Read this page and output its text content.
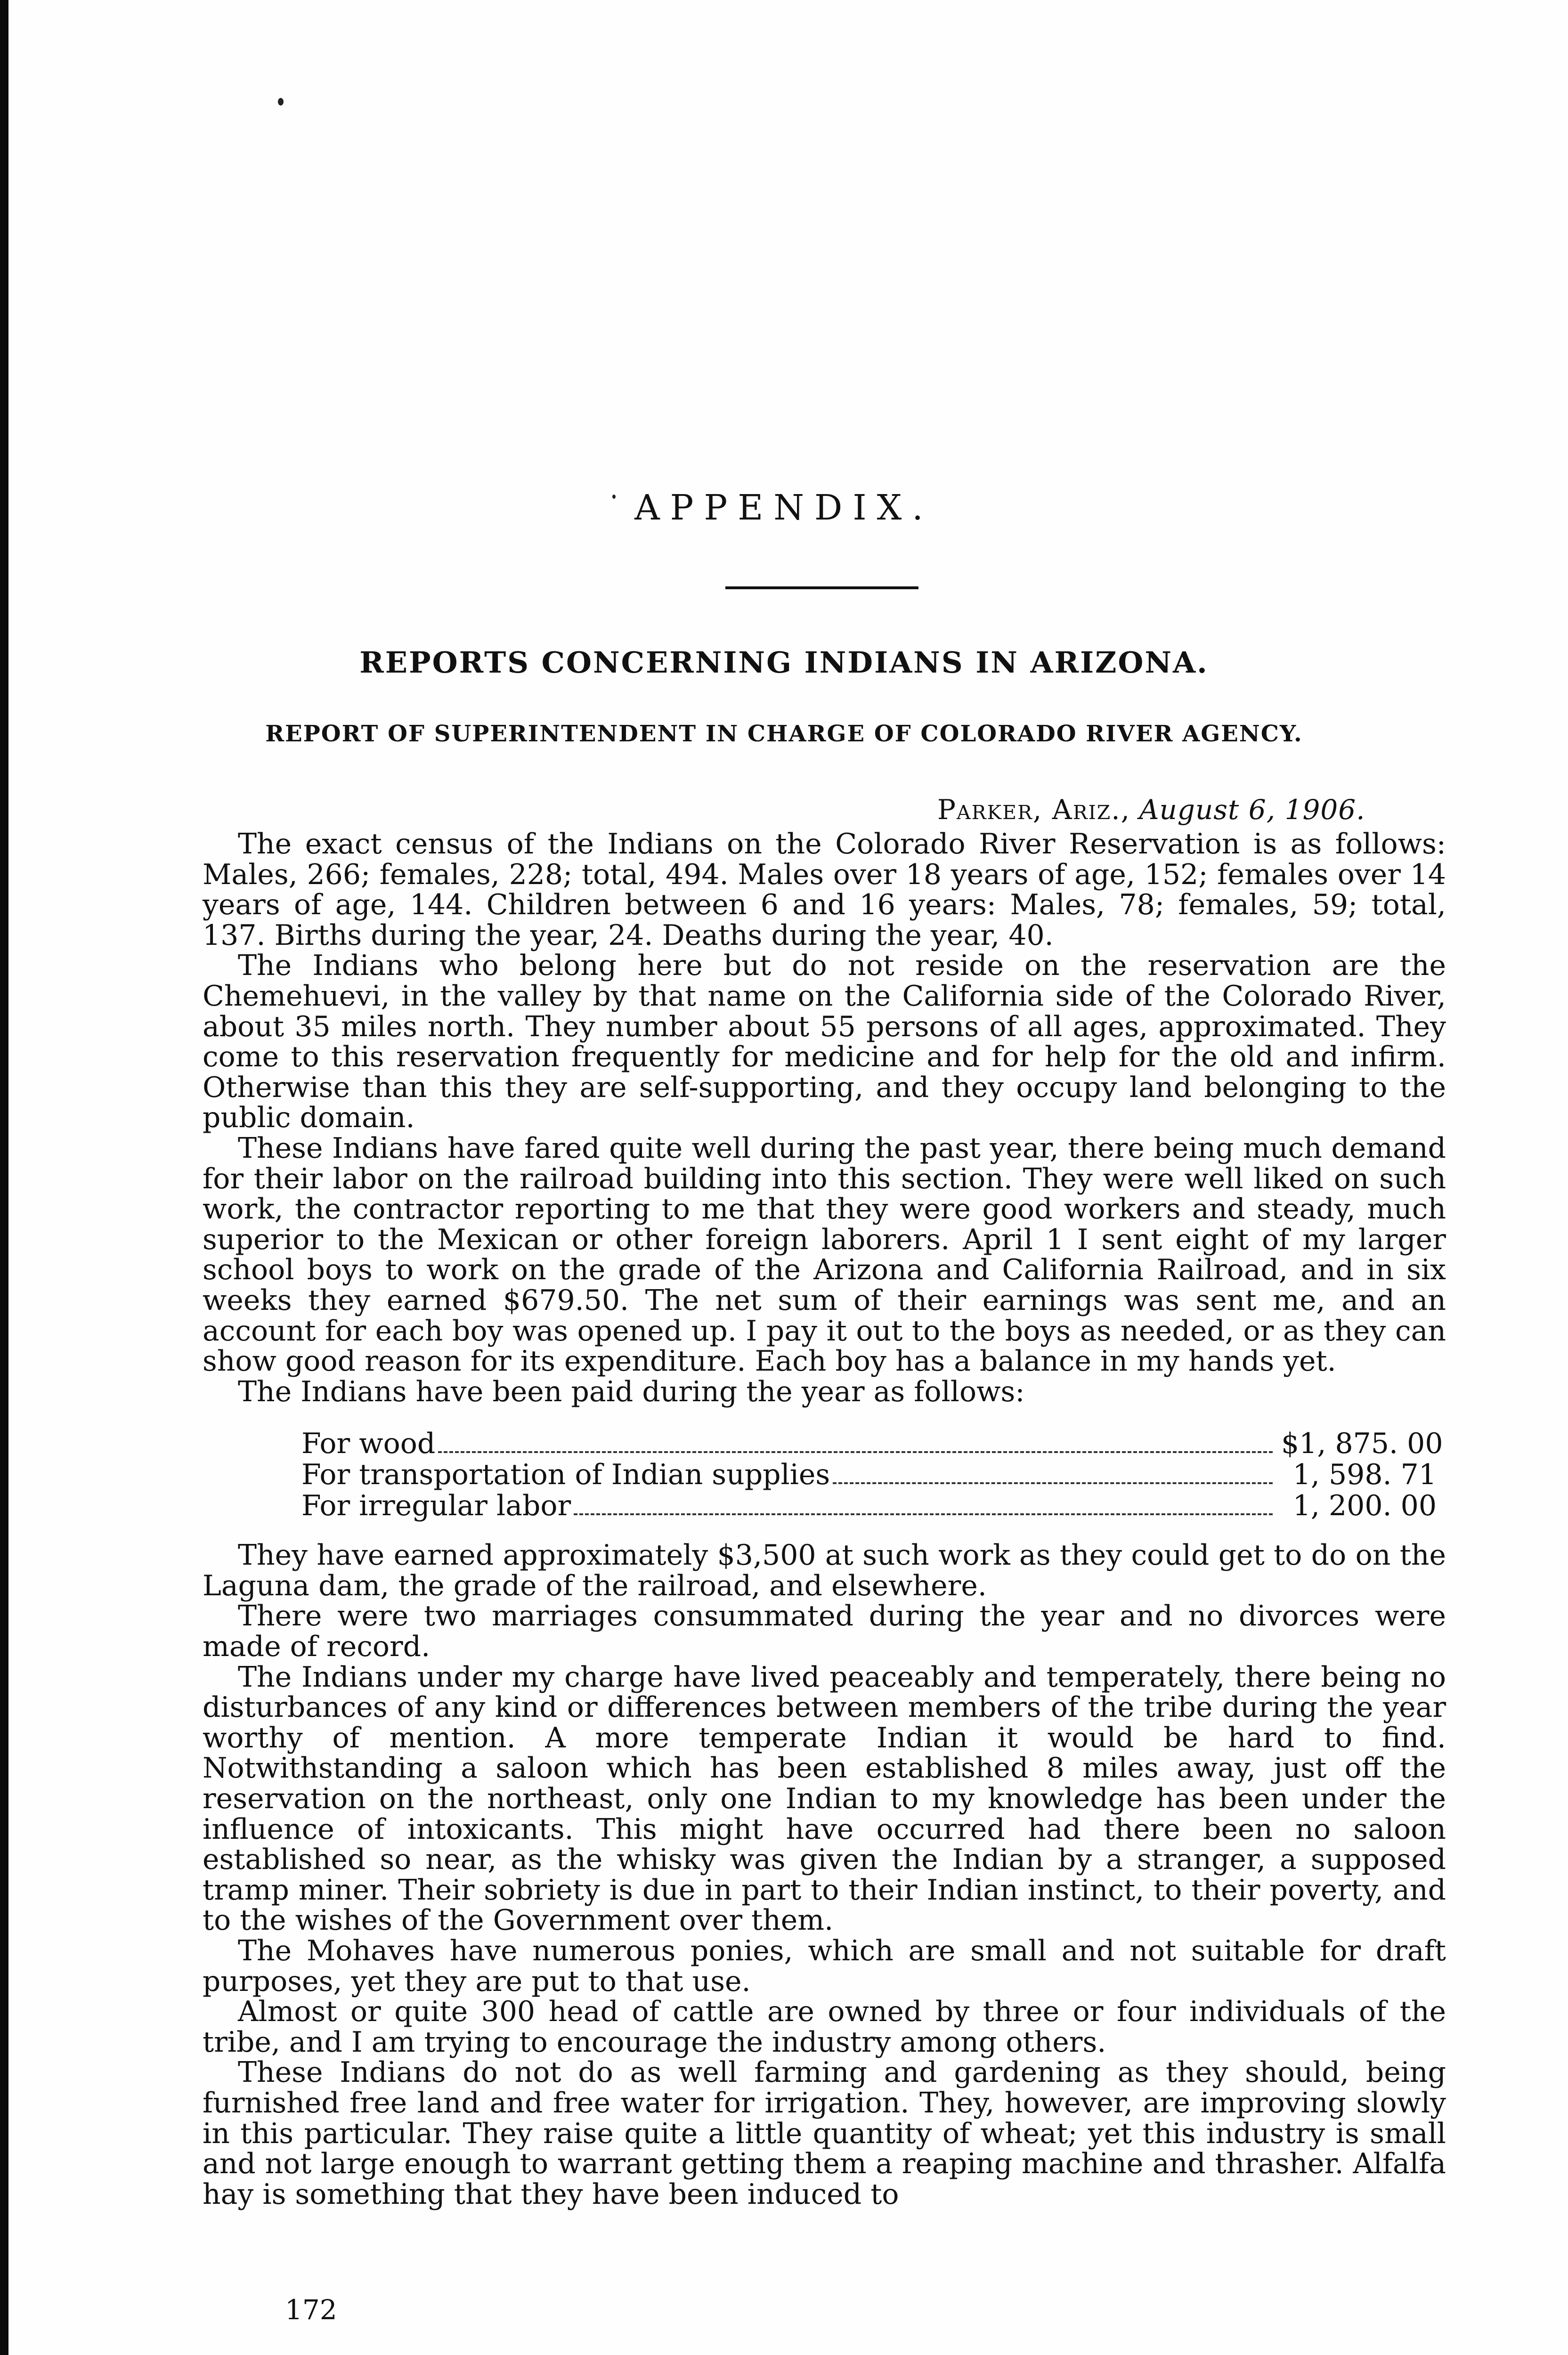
APPENDIX.
REPORTS CONCERNING INDIANS IN ARIZONA.
REPORT OF SUPERINTENDENT IN CHARGE OF COLORADO RIVER AGENCY.
Parker, Ariz., August 6, 1906.

The exact census of the Indians on the Colorado River Reservation is as follows: Males, 266; females, 228; total, 494. Males over 18 years of age, 152; females over 14 years of age, 144. Children between 6 and 16 years: Males, 78; females, 59; total, 137. Births during the year, 24. Deaths during the year, 40.

The Indians who belong here but do not reside on the reservation are the Chemehuevi, in the valley by that name on the California side of the Colorado River, about 35 miles north. They number about 55 persons of all ages, approximated. They come to this reservation frequently for medicine and for help for the old and infirm. Otherwise than this they are self-supporting, and they occupy land belonging to the public domain.

These Indians have fared quite well during the past year, there being much demand for their labor on the railroad building into this section. They were well liked on such work, the contractor reporting to me that they were good workers and steady, much superior to the Mexican or other foreign laborers. April 1 I sent eight of my larger school boys to work on the grade of the Arizona and California Railroad, and in six weeks they earned $679.50. The net sum of their earnings was sent me, and an account for each boy was opened up. I pay it out to the boys as needed, or as they can show good reason for its expenditure. Each boy has a balance in my hands yet.

The Indians have been paid during the year as follows:

For wood	$1, 875. 00
For transportation of Indian supplies	1, 598. 71
For irregular labor	1, 200. 00

They have earned approximately $3,500 at such work as they could get to do on the Laguna dam, the grade of the railroad, and elsewhere.

There were two marriages consummated during the year and no divorces were made of record.

The Indians under my charge have lived peaceably and temperately, there being no disturbances of any kind or differences between members of the tribe during the year worthy of mention. A more temperate Indian it would be hard to find. Notwithstanding a saloon which has been established 8 miles away, just off the reservation on the northeast, only one Indian to my knowledge has been under the influence of intoxicants. This might have occurred had there been no saloon established so near, as the whisky was given the Indian by a stranger, a supposed tramp miner. Their sobriety is due in part to their Indian instinct, to their poverty, and to the wishes of the Government over them.

The Mohaves have numerous ponies, which are small and not suitable for draft purposes, yet they are put to that use.

Almost or quite 300 head of cattle are owned by three or four individuals of the tribe, and I am trying to encourage the industry among others.

These Indians do not do as well farming and gardening as they should, being furnished free land and free water for irrigation. They, however, are improving slowly in this particular. They raise quite a little quantity of wheat; yet this industry is small and not large enough to warrant getting them a reaping machine and thrasher. Alfalfa hay is something that they have been induced to

172
